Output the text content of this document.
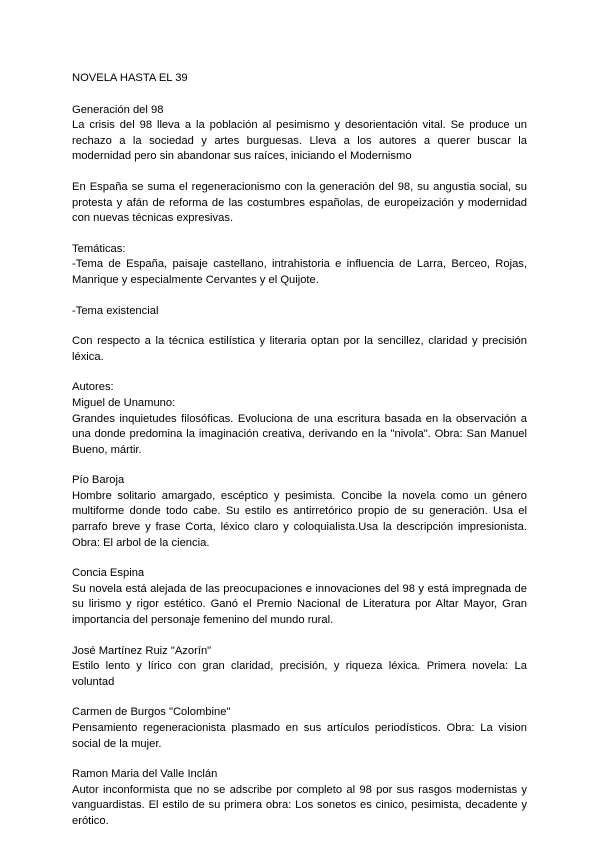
NOVELA HASTA EL 39
Generación del 98
La crisis del 98 lleva a la población al pesimismo y desorientación vital. Se produce un rechazo a la sociedad y artes burguesas. Lleva a los autores a querer buscar la modernidad pero sin abandonar sus raíces, iniciando el Modernismo
En España se suma el regeneracionismo con la generación del 98, su angustia social, su protesta y afán de reforma de las costumbres españolas, de europeización y modernidad con nuevas técnicas expresivas.
Temáticas:
-Tema de España, paisaje castellano, intrahistoria e influencia de Larra, Berceo, Rojas, Manrique y especialmente Cervantes y el Quijote.
-Tema existencial
Con respecto a la técnica estilística y literaria optan por la sencillez, claridad y precisión léxica.
Autores:
Miguel de Unamuno:
Grandes inquietudes filosóficas. Evoluciona de una escritura basada en la observación a una donde predomina la imaginación creativa, derivando en la "nivola". Obra: San Manuel Bueno, mártir.
Pío Baroja
Hombre solitario amargado, escéptico y pesimista. Concibe la novela como un género multiforme donde todo cabe. Su estilo es antirretórico propio de su generación. Usa el parrafo breve y frase Corta, léxico claro y coloquialista.Usa la descripción impresionista. Obra: El arbol de la ciencia.
Concia Espina
Su novela está alejada de las preocupaciones e innovaciones del 98 y está impregnada de su lirismo y rigor estético. Ganó el Premio Nacional de Literatura por Altar Mayor, Gran importancia del personaje femenino del mundo rural.
José Martínez Ruiz "Azorín"
Estilo lento y lírico con gran claridad, precisión, y riqueza léxica. Primera novela: La voluntad
Carmen de Burgos "Colombine"
Pensamiento regeneracionista plasmado en sus artículos periodísticos. Obra: La vision social de la mujer.
Ramon Maria del Valle Inclán
Autor inconformista que no se adscribe por completo al 98 por sus rasgos modernistas y vanguardistas. El estilo de su primera obra: Los sonetos es cinico, pesimista, decadente y erótico.
